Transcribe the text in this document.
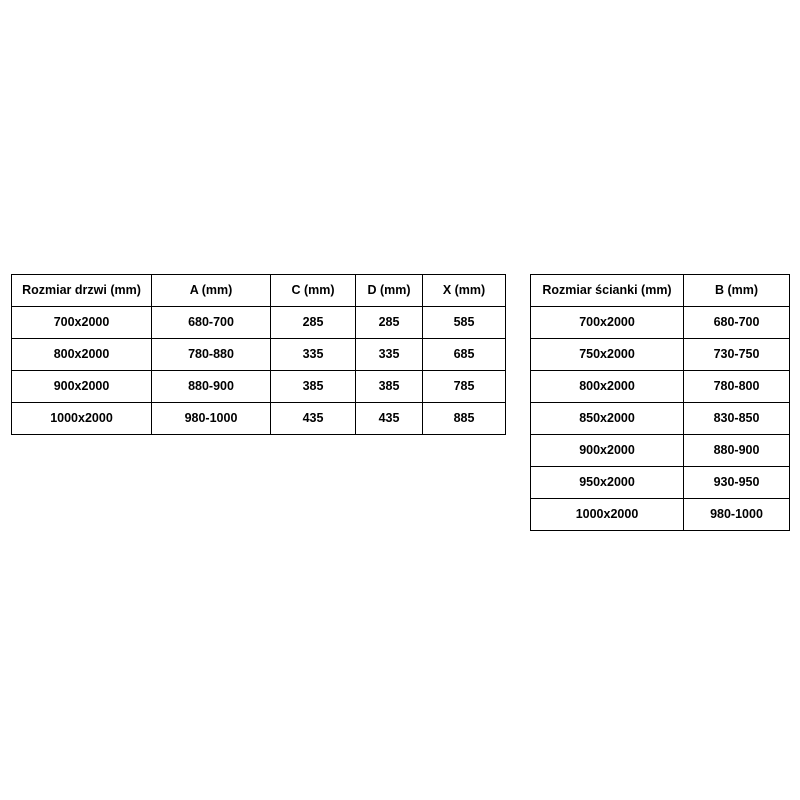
Rozmiar drzwi (mm)	A (mm)	C (mm)	D (mm)	X (mm)
700x2000	680-700	285	285	585
800x2000	780-880	335	335	685
900x2000	880-900	385	385	785
1000x2000	980-1000	435	435	885
Rozmiar ścianki (mm)	B (mm)
700x2000	680-700
750x2000	730-750
800x2000	780-800
850x2000	830-850
900x2000	880-900
950x2000	930-950
1000x2000	980-1000
